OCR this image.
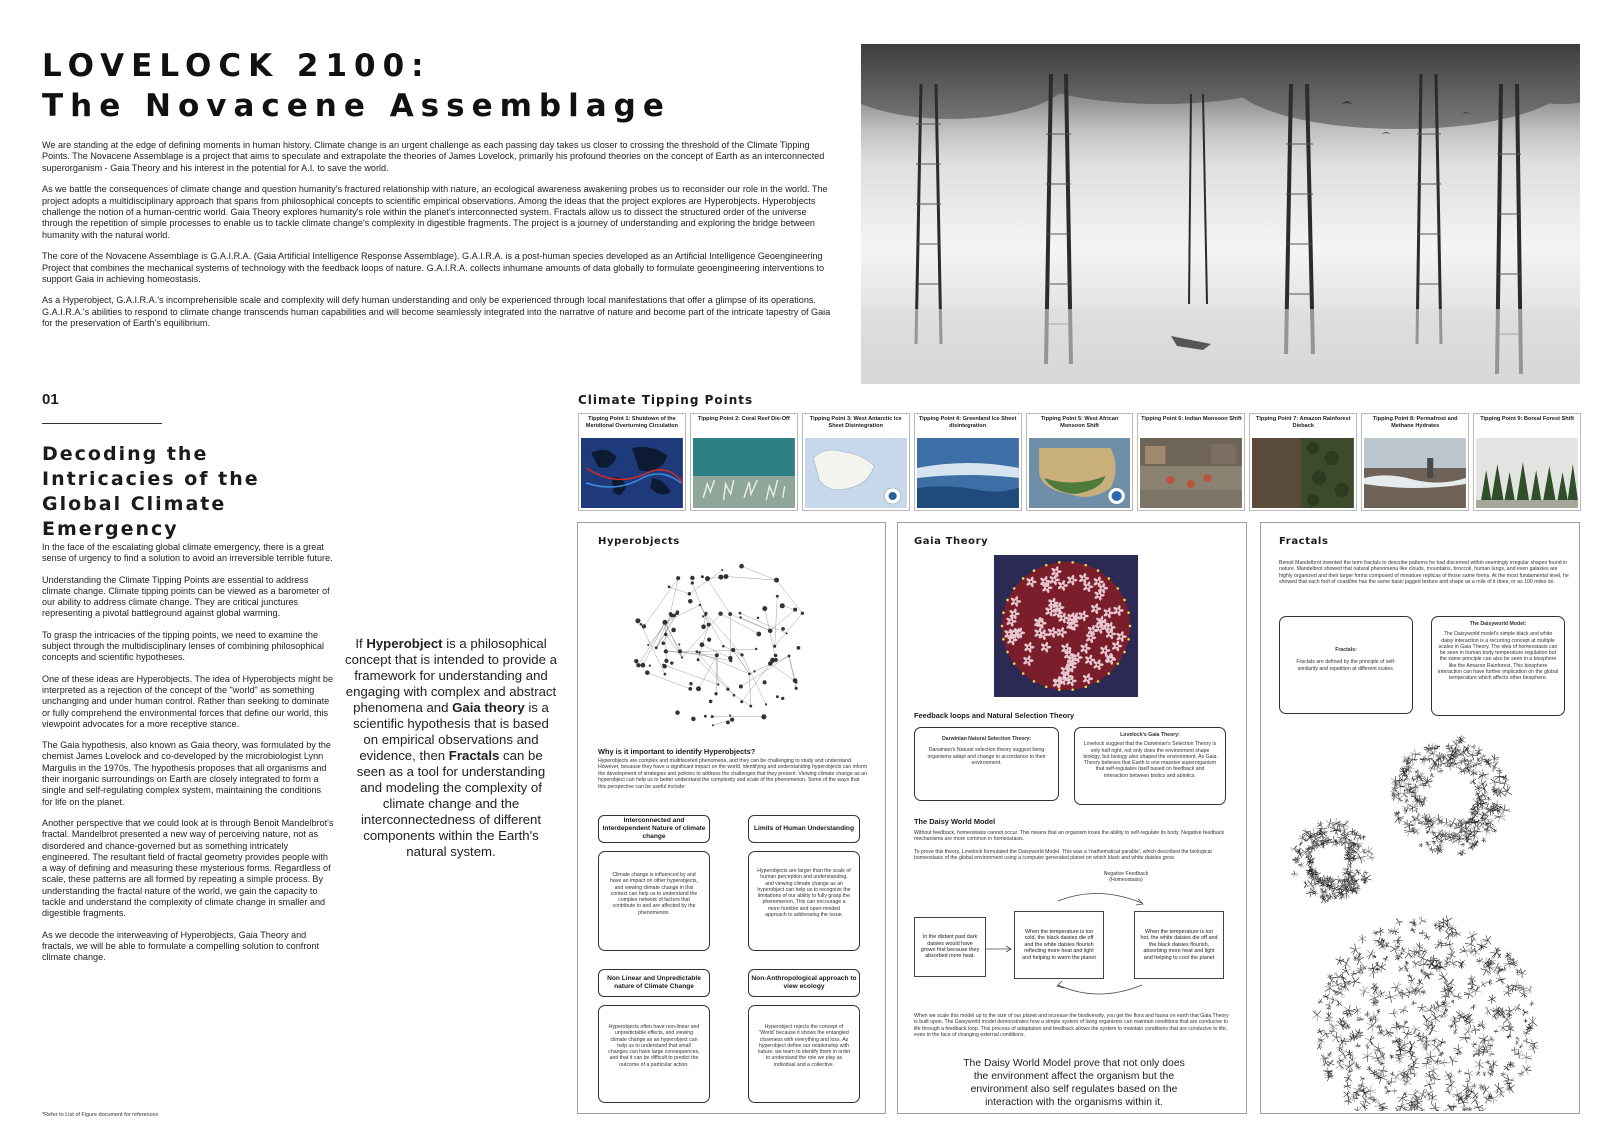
LOVELOCK 2100:
The Novacene Assemblage

We are standing at the edge of defining moments in human history. Climate change is an urgent challenge as each passing day takes us closer to crossing the threshold of the Climate Tipping Points. The Novacene Assemblage is a project that aims to speculate and extrapolate the theories of James Lovelock, primarily his profound theories on the concept of Earth as an interconnected superorganism - Gaia Theory and his interest in the potential for A.I. to save the world.

As we battle the consequences of climate change and question humanity's fractured relationship with nature, an ecological awareness awakening probes us to reconsider our role in the world. The project adopts a multidisciplinary approach that spans from philosophical concepts to scientific empirical observations. Among the ideas that the project explores are Hyperobjects. Hyperobjects challenge the notion of a human-centric world. Gaia Theory explores humanity's role within the planet's interconnected system. Fractals allow us to dissect the structured order of the universe through the repetition of simple processes to enable us to tackle climate change's complexity in digestible fragments. The project is a journey of understanding and exploring the bridge between humanity with the natural world.

The core of the Novacene Assemblage is G.A.I.R.A. (Gaia Artificial Intelligence Response Assemblage). G.A.I.R.A. is a post-human species developed as an Artificial Intelligence Geoengineering Project that combines the mechanical systems of technology with the feedback loops of nature. G.A.I.R.A. collects inhumane amounts of data globally to formulate geoengineering interventions to support Gaia in achieving homeostasis.

As a Hyperobject, G.A.I.R.A.'s incomprehensible scale and complexity will defy human understanding and only be experienced through local manifestations that offer a glimpse of its operations. G.A.I.R.A.'s abilities to respond to climate change transcends human capabilities and will become seamlessly integrated into the narrative of nature and become part of the intricate tapestry of Gaia for the preservation of Earth's equilibrium.

01
Decoding the Intricacies of the Global Climate Emergency

In the face of the escalating global climate emergency, there is a great sense of urgency to find a solution to avoid an irreversible terrible future.

Understanding the Climate Tipping Points are essential to address climate change. Climate tipping points can be viewed as a barometer of our ability to address climate change. They are critical junctures representing a pivotal battleground against global warming.

To grasp the intricacies of the tipping points, we need to examine the subject through the multidisciplinary lenses of combining philosophical concepts and scientific hypotheses.

One of these ideas are Hyperobjects. The idea of Hyperobjects might be interpreted as a rejection of the concept of the "world" as something unchanging and under human control. Rather than seeking to dominate or fully comprehend the environmental forces that define our world, this viewpoint advocates for a more receptive stance.

The Gaia hypothesis, also known as Gaia theory, was formulated by the chemist James Lovelock and co-developed by the microbiologist Lynn Margulis in the 1970s. The hypothesis proposes that all organisms and their inorganic surroundings on Earth are closely integrated to form a single and self-regulating complex system, maintaining the conditions for life on the planet.

Another perspective that we could look at is through Benoit Mandelbrot's fractal. Mandelbrot presented a new way of perceiving nature, not as disordered and chance-governed but as something intricately engineered. The resultant field of fractal geometry provides people with a way of defining and measuring these mysterious forms. Regardless of scale, these patterns are all formed by repeating a simple process. By understanding the fractal nature of the world, we gain the capacity to tackle and understand the complexity of climate change in smaller and digestible fragments.

As we decode the interweaving of Hyperobjects, Gaia Theory and fractals, we will be able to formulate a compelling solution to confront climate change.

*Refer to List of Figure document for references
If Hyperobject is a philosophical concept that is intended to provide a framework for understanding and engaging with complex and abstract phenomena and Gaia theory is a scientific hypothesis that is based on empirical observations and evidence, then Fractals can be seen as a tool for understanding and modeling the complexity of climate change and the interconnectedness of different components within the Earth's natural system.
Climate Tipping Points
Tipping Point 1: Shutdown of the Meridional Overturning Circulation
Tipping Point 2: Coral Reef Die-Off	Tipping Point 3: West Antarctic Ice Sheet Disintegration
Tipping Point 4: Greenland Ice Sheet disintegration
Tipping Point 5: West African Monsoon Shift
Tipping Point 6: Indian Monsoon Shift	Tipping Point 7: Amazon Rainforest Dieback
Tipping Point 8: Permafrost and Methane Hydrates
Tipping Point 9: Boreal Forest Shift
Hyperobjects
Why is it important to identify Hyperobjects?
Hyperobjects are complex and multifaceted phenomena, and they can be challenging to study and understand. However, because they have a significant impact on the world, identifying and understanding hyperobjects can inform the development of strategies and policies to address the challenges that they present. Viewing climate change as an hyperobject can help us to better understand the complexity and scale of the phenomenon. Some of the ways that this perspective can be useful include:
Interconnected and Interdependent Nature of climate change
Climate change is influenced by and have an impact on other hyperobjects, and viewing climate change in this context can help us to understand the complex network of factors that contribute to and are affected by the phenomenon.
Limits of Human Understanding
Hyperobjects are larger than the scale of human perception and understanding, and viewing climate change as an hyperobject can help us to recognize the limitations of our ability to fully grasp the phenomenon. This can encourage a more humble and open-minded approach to addressing the issue.
Non Linear and Unpredictable nature of Climate Change
Hyperobjects often have non-linear and unpredictable effects, and viewing climate change as an hyperobject can help us to understand that small changes can have large consequences, and that it can be difficult to predict the outcome of a particular action.
Non-Anthropological approach to view ecology
Hyperobject rejects the concept of 'World' because it shows the entangled closeness with everything and loss. As hyperobject define our relationship with nature, we learn to identify them in order to understand the role we play as individual and a collective.
Gaia Theory
Feedback loops and Natural Selection Theory
Darwinian Natural Selection Theory:
Darwinian's Natural selection theory suggest living organisms adapt and change in accordance to their environment.
Lovelock's Gaia Theory:
Lovelock suggest that the Darwinian's Selection Theory is only half right, not only does the environment shape biology, but biology also shaped the environment. As Gaia Theory believes that Earth is one massive superorganism that self-regulates itself based on feedback and interaction between biotics and abiotics.
The Daisy World Model
Without feedback, homeostasis cannot occur. This means that an organism loses the ability to self-regulate its body. Negative feedback mechanisms are more common in homeostasis.
To prove this theory, Lovelock formulated the Daisyworld Model. This was a 'mathematical parable', which described the biological homeostasis of the global environment using a computer generated planet on which black and white daisies grow.
Negative Feedback (Homeostasis)
In the distant past dark daisies would have grown first because they absorbed more heat.
When the temperature is too cold, the black daisies die off and the white daisies flourish reflecting more heat and light and helping to warm the planet
When the temperature is too hot, the white daisies die off and the black daisies flourish, absorbing more heat and light and helping to cool the planet
When we scale this model up to the size of our planet and increase the biodiversity, you get the flora and fauna on earth that Gaia Theory is built upon. The Daisyworld model demonstrates how a simple system of living organisms can maintain conditions that are conducive to life through a feedback loop. This process of adaptation and feedback allows the system to maintain conditions that are conducive to life, even in the face of changing external conditions.
The Daisy World Model prove that not only does the environment affect the organism but the environment also self regulates based on the interaction with the organisms within it.
Fractals
Benoit Mandelbrot invented the term fractals to describe patterns he had discerned within seemingly irregular shapes found in nature. Mandelbrot showed that natural phenomena like clouds, mountains, broccoli, human lungs, and even galaxies are highly organized and their larger forms composed of miniature replicas of those same forms. At the most fundamental level, he showed that each foot of coastline has the same basic jagged texture and shape as a mile of it does, or as 100 miles do.
Fractals:
Fractals are defined by the principle of self-similarity and repetition at different scales.
The Daisyworld Model:
The Daisyworld model's simple black and white daisy interaction is a recurring concept at multiple scales in Gaia Theory. The idea of homeostasis can be seen in human body temperature regulation but the same principle can also be seen in a biosphere like the Amazon Rainforest. This biosphere interaction can have further implication on the global temperature which affects other biosphere.
